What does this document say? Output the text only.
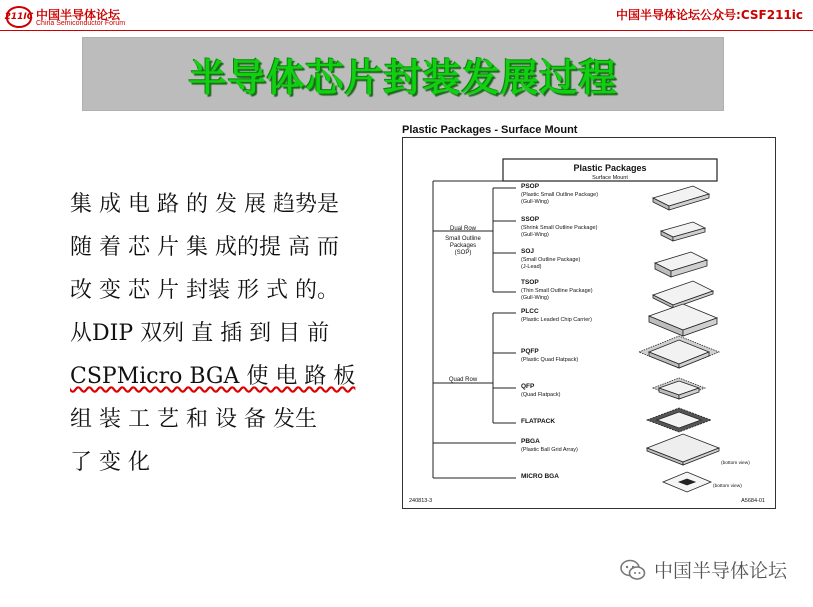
211IC 中国半导体论坛
China Semiconductor Forum
中国半导体论坛公众号:CSF211ic
半导体芯片封装发展过程
集 成 电 路 的 发 展 趋势是
随 着 芯 片 集 成的提 高 而
改 变 芯 片 封装 形 式 的。
从DIP 双列 直 插 到 目 前
CSPMicro BGA 使 电 路 板
组 装 工 艺 和 设 备 发生
了 变 化
Plastic Packages - Surface Mount
Plastic Packages
Surface Mount
Dual Row
Small Outline
Packages
(SOP)
Quad Row
PSOP
(Plastic Small Outline Package)
(Gull-Wing)
SSOP
(Shrink Small Outline Package)
(Gull-Wing)
SOJ
(Small Outline Package)
(J-Lead)
TSOP
(Thin Small Outline Package)
(Gull-Wing)
PLCC
(Plastic Leaded Chip Carrier)
PQFP
(Plastic Quad Flatpack)
QFP
(Quad Flatpack)
FLATPACK
PBGA
(Plastic Ball Grid Array)
MICRO BGA
(bottom view)
(bottom view)
240813-3	A5684-01
中国半导体论坛
